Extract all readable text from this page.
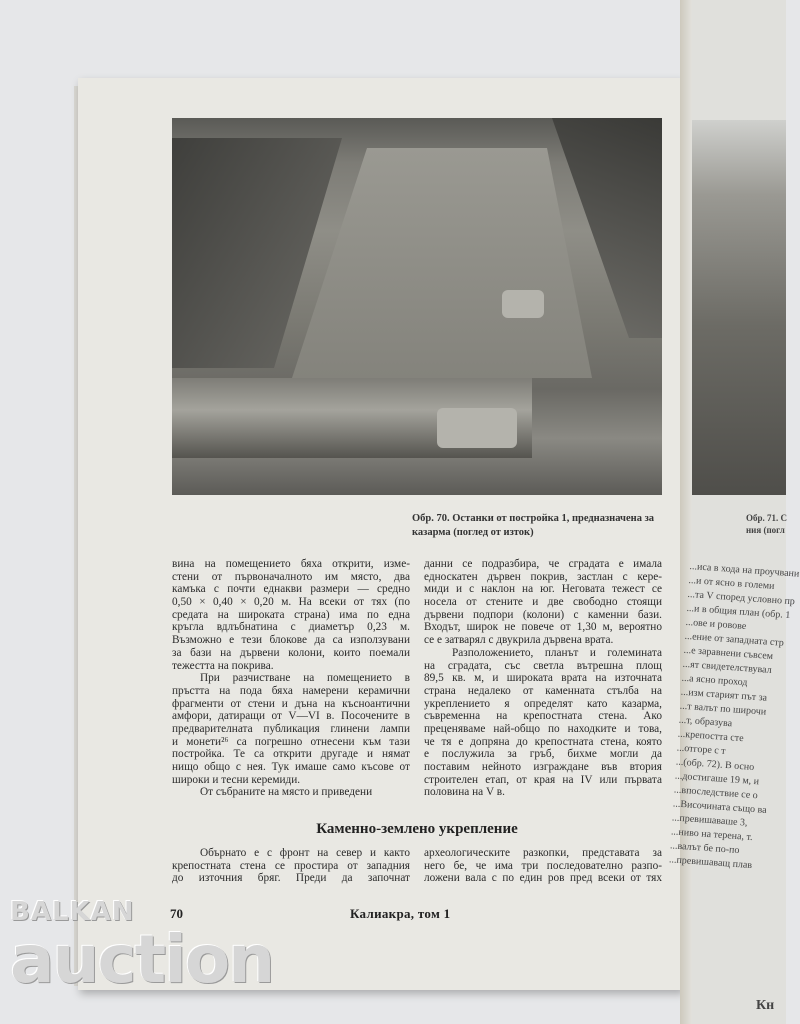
Обр. 70. Останки от постройка 1, предназначена за казарма (поглед от изток)
вина на помещението бяха открити, изме-
стени от първоначалното им място, два
камъка с почти еднакви размери — средно
0,50 × 0,40 × 0,20 м. На всеки от тях (по
средата на широката страна) има по една
кръгла вдлъбнатина с диаметър 0,23 м.
Възможно е тези блокове да са използувани
за бази на дървени колони, които поемали
тежестта на покрива.
При разчистване на помещението в
пръстта на пода бяха намерени керамични
фрагменти от стени и дъна на късноантични
амфори, датиращи от V—VI в. Посочените в
предварителната публикация глинени лампи
и монети²⁶ са погрешно отнесени към тази
постройка. Те са открити другаде и нямат
нищо общо с нея. Тук имаше само късове от
широки и тесни керемиди.
От събраните на място и приведени
данни се подразбира, че сградата е имала
едноскатен дървен покрив, застлан с кере-
миди и с наклон на юг. Неговата тежест се
носела от стените и две свободно стоящи
дървени подпори (колони) с каменни бази.
Входът, широк не повече от 1,30 м, вероятно
се е затварял с двукрила дървена врата.
Разположението, планът и големината
на сградата, със светла вътрешна площ
89,5 кв. м, и широката врата на източната
страна недалеко от каменната стълба на
укреплението я определят като казарма,
съвременна на крепостната стена. Ако
преценяваме най-общо по находките и това,
че тя е допряна до крепостната стена, която
е послужила за гръб, бихме могли да
поставим нейното изграждане във втория
строителен етап, от края на IV или първата
половина на V в.
Каменно-землено укрепление
Обърнато е с фронт на север и както
крепостната стена се простира от западния
до източния бряг. Преди да започнат
археологическите разкопки, представата за
него бе, че има три последователно разпо-
ложени вала с по един ров пред всеки от тях
70	Калиакра, том 1
Обр. 71. С
ния (погл
...иса в хода на проучвани
...и от ясно в големи
...та V според условно пр
...и в общия план (обр. 1
...ове и ровове
...ение от западната стр
...е заравнени съвсем
...ят свидетелствувал
...а ясно проход
...изм старият път за
...т валът по широчи
...т, образува
...крепостта сте
...отгоре с т
...(обр. 72). В осно
...достигаше 19 м, и
...впоследствие се о
...Височината също ва
...превишаваше 3,
...ниво на терена, т.
...валът бе по-по
...превишаващ плав
Кн
BALKAN
auction
